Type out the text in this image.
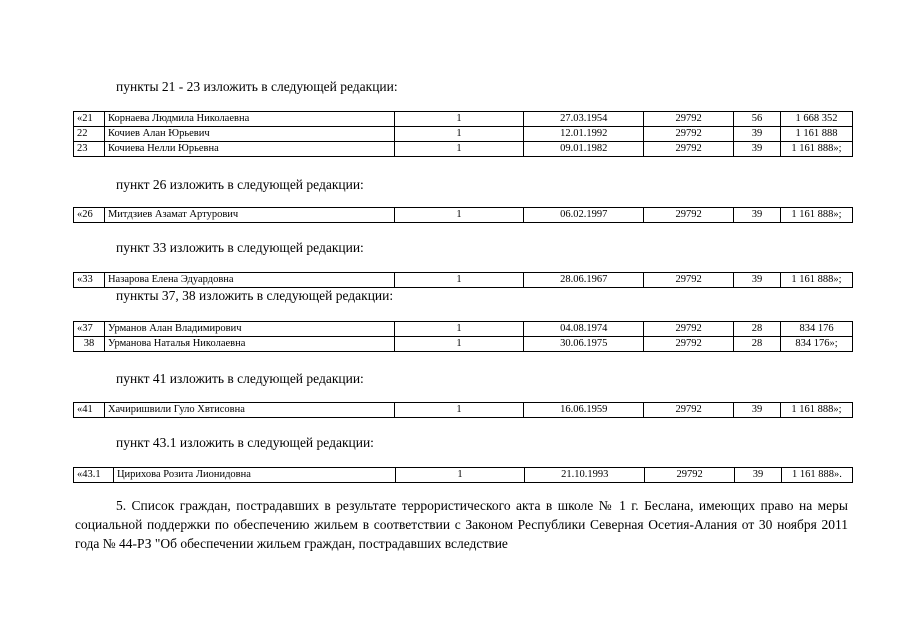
пункты 21 - 23 изложить в следующей редакции:
«21	Корнаева Людмила Николаевна	1	27.03.1954	29792	56	1 668 352
22	Кочиев Алан Юрьевич	1	12.01.1992	29792	39	1 161 888
23	Кочиева Нелли Юрьевна	1	09.01.1982	29792	39	1 161 888»;
пункт 26 изложить в следующей редакции:
«26	Митдзиев Азамат Артурович	1	06.02.1997	29792	39	1 161 888»;
пункт 33 изложить в следующей редакции:
«33	Назарова Елена Эдуардовна	1	28.06.1967	29792	39	1 161 888»;
пункты 37, 38 изложить в следующей редакции:
«37	Урманов Алан Владимирович	1	04.08.1974	29792	28	834 176
38	Урманова Наталья Николаевна	1	30.06.1975	29792	28	834 176»;
пункт 41 изложить в следующей редакции:
«41	Хачиришвили Гуло Хвтисовна	1	16.06.1959	29792	39	1 161 888»;
пункт 43.1 изложить в следующей редакции:
«43.1	Цирихова Розита Лионидовна	1	21.10.1993	29792	39	1 161 888».

5. Список граждан, пострадавших в результате террористического акта в школе № 1 г. Беслана, имеющих право на меры социальной поддержки по обеспечению жильем в соответствии с Законом Республики Северная Осетия-Алания от 30 ноября 2011 года № 44-РЗ "Об обеспечении жильем граждан, пострадавших вследствие
